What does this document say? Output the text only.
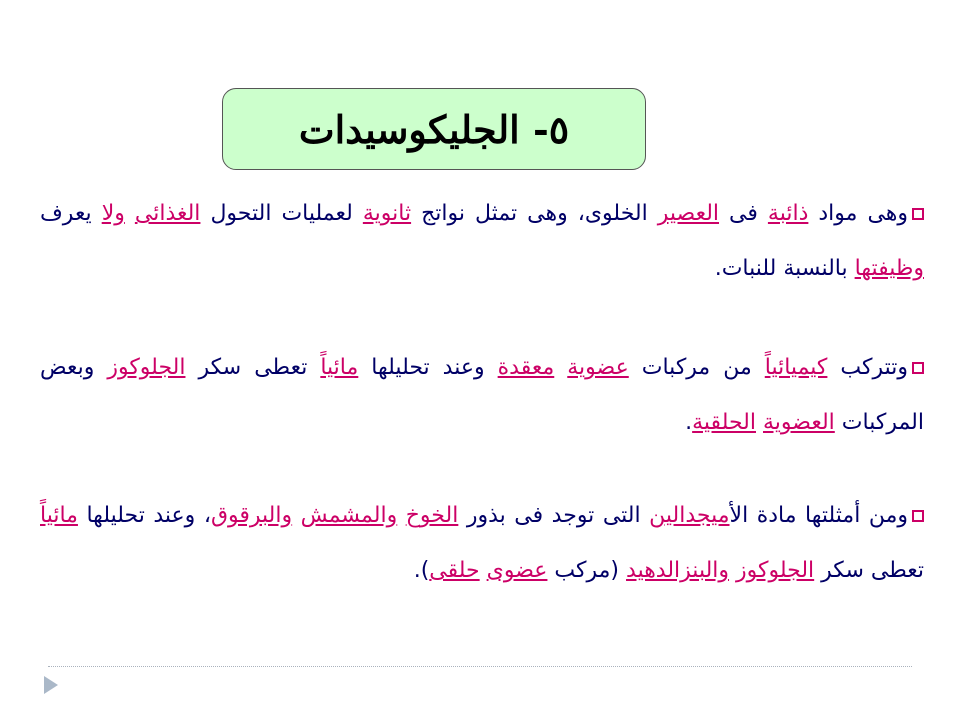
٥- الجليكوسيدات
وهى مواد ذائبة فى العصير الخلوى، وهى تمثل نواتج ثانوية لعمليات التحول الغذائى ولا يعرف وظيفتها بالنسبة للنبات.
وتتركب كيميائياً من مركبات عضوية معقدة وعند تحليلها مائياً تعطى سكر الجلوكوز وبعض المركبات العضوية الحلقية.
ومن أمثلتها مادة الأميجدالين التى توجد فى بذور الخوخ والمشمش والبرقوق، وعند تحليلها مائياً تعطى سكر الجلوكوز والبنزالدهيد (مركب عضوى حلقى).
